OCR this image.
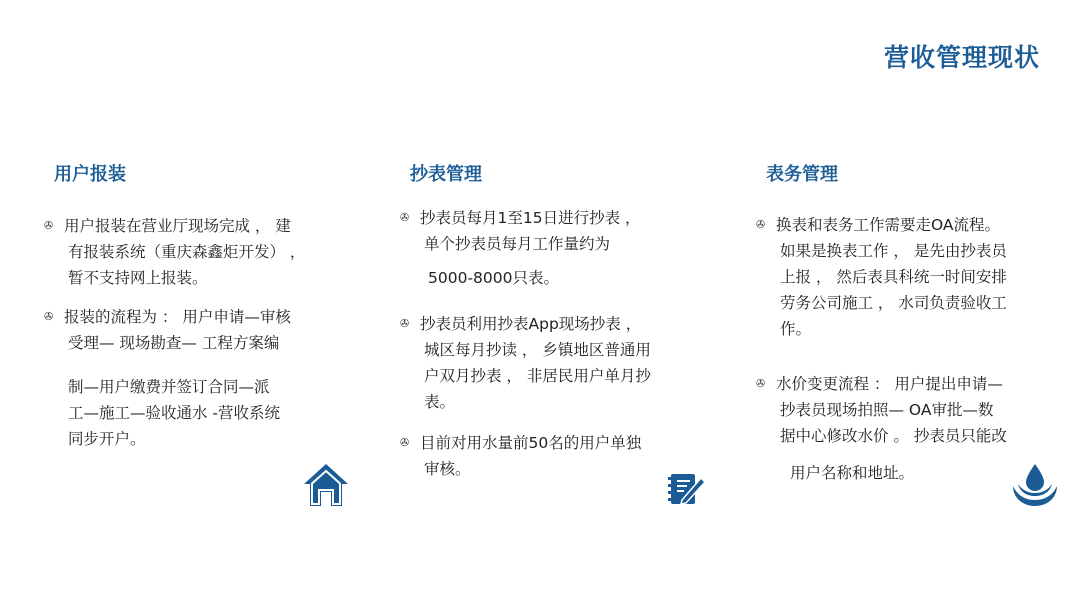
营收管理现状
用户报装
✇ 用户报装在营业厅现场完成 ， 建
有报装系统（重庆森鑫炬开发） ，
暂不支持网上报装。
✇ 报装的流程为 ： 用户申请—审核
受理— 现场勘查— 工程方案编
制—用户缴费并签订合同—派
工—施工—验收通水 -营收系统
同步开户。
抄表管理
✇ 抄表员每月1至15日进行抄表 ，
单个抄表员每月工作量约为
5000-8000只表。
✇ 抄表员利用抄表App现场抄表 ，
城区每月抄读 ， 乡镇地区普通用
户双月抄表 ， 非居民用户单月抄
表。
✇ 目前对用水量前50名的用户单独
审核。
表务管理
✇ 换表和表务工作需要走OA流程。
如果是换表工作 ， 是先由抄表员
上报 ， 然后表具科统一时间安排
劳务公司施工 ， 水司负责验收工
作。
✇ 水价变更流程 ： 用户提出申请—
抄表员现场拍照— OA审批—数
据中心修改水价 。 抄表员只能改
用户名称和地址。
